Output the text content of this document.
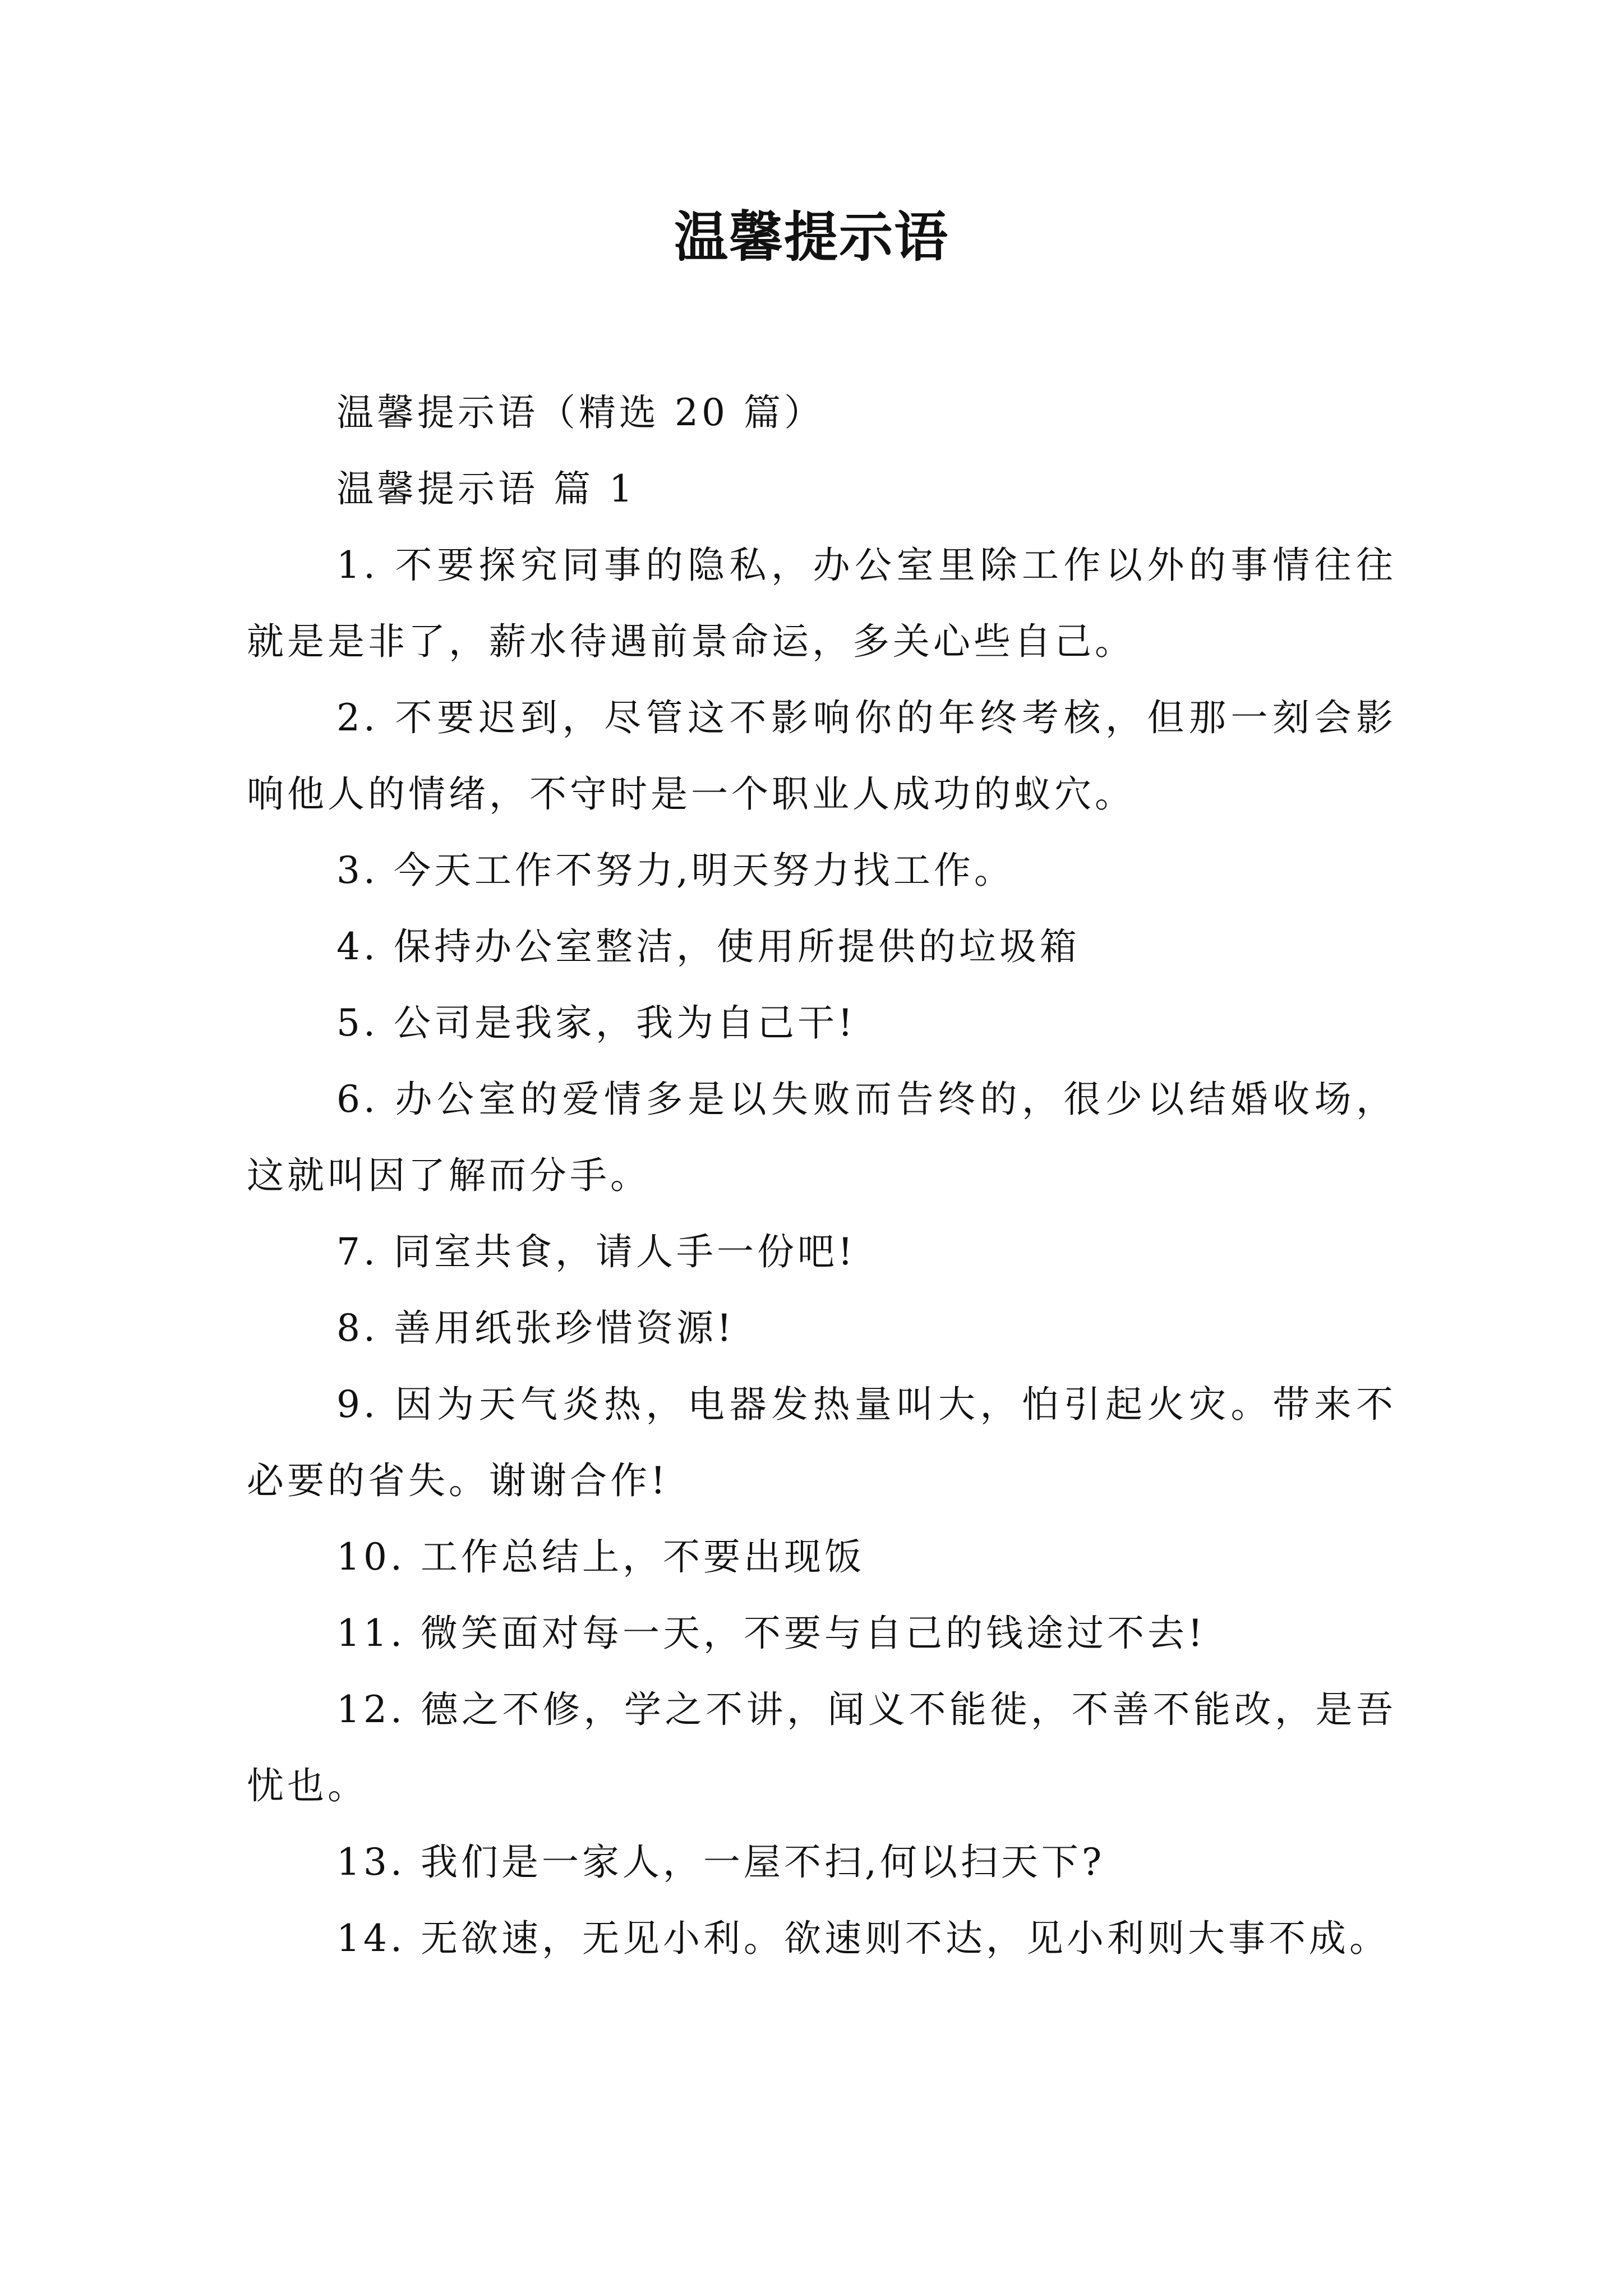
温馨提示语

温馨提示语（精选 20 篇）

温馨提示语 篇 1

1. 不要探究同事的隐私，办公室里除工作以外的事情往往就是是非了，薪水待遇前景命运，多关心些自己。

2. 不要迟到，尽管这不影响你的年终考核，但那一刻会影响他人的情绪，不守时是一个职业人成功的蚁穴。

3. 今天工作不努力,明天努力找工作。

4. 保持办公室整洁，使用所提供的垃圾箱

5. 公司是我家，我为自己干!

6. 办公室的爱情多是以失败而告终的，很少以结婚收场，这就叫因了解而分手。

7. 同室共食，请人手一份吧!

8. 善用纸张珍惜资源!

9. 因为天气炎热，电器发热量叫大，怕引起火灾。带来不必要的省失。谢谢合作!

10. 工作总结上，不要出现饭

11. 微笑面对每一天，不要与自己的钱途过不去!

12. 德之不修，学之不讲，闻义不能徙，不善不能改，是吾忧也。

13. 我们是一家人，一屋不扫,何以扫天下?

14. 无欲速，无见小利。欲速则不达，见小利则大事不成。
